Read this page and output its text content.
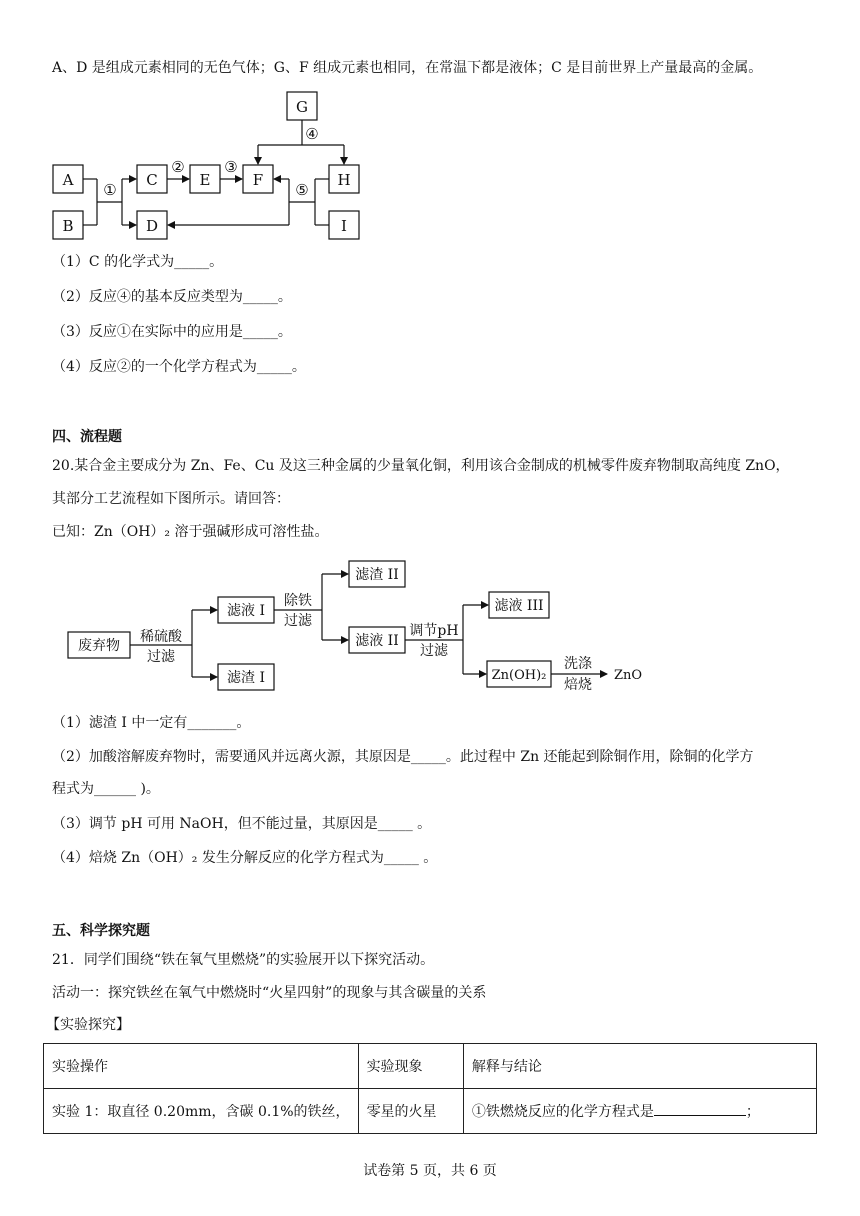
A、D 是组成元素相同的无色气体；G、F 组成元素也相同，在常温下都是液体；C 是目前世界上产量最高的金属。
G
A
B
C	E	F	H
D	I
①
②	③
④
⑤
（1）C 的化学式为_____。
（2）反应④的基本反应类型为_____。
（3）反应①在实际中的应用是_____。
（4）反应②的一个化学方程式为_____。
四、流程题
20.某合金主要成分为 Zn、Fe、Cu 及这三种金属的少量氧化铜，利用该合金制成的机械零件废弃物制取高纯度 ZnO，
其部分工艺流程如下图所示。请回答：
已知：Zn（OH）₂ 溶于强碱形成可溶性盐。
废弃物
稀硫酸
过滤
滤液 I
滤渣 I
除铁
过滤
滤渣 II
滤液 II
调节pH
过滤
滤液 III
Zn(OH)₂
洗涤
焙烧
ZnO
（1）滤渣 I 中一定有_______。
（2）加酸溶解废弃物时，需要通风并远离火源，其原因是_____。此过程中 Zn 还能起到除铜作用，除铜的化学方
程式为______ )。
（3）调节 pH 可用 NaOH，但不能过量，其原因是_____ 。
（4）焙烧 Zn（OH）₂ 发生分解反应的化学方程式为_____ 。
五、科学探究题
21．同学们围绕“铁在氧气里燃烧”的实验展开以下探究活动。
活动一：探究铁丝在氧气中燃烧时“火星四射”的现象与其含碳量的关系
【实验探究】
实验操作	实验现象	解释与结论
实验 1：取直径 0.20mm，含碳 0.1%的铁丝，	零星的火星	①铁燃烧反应的化学方程式是 ；
试卷第 5 页，共 6 页
